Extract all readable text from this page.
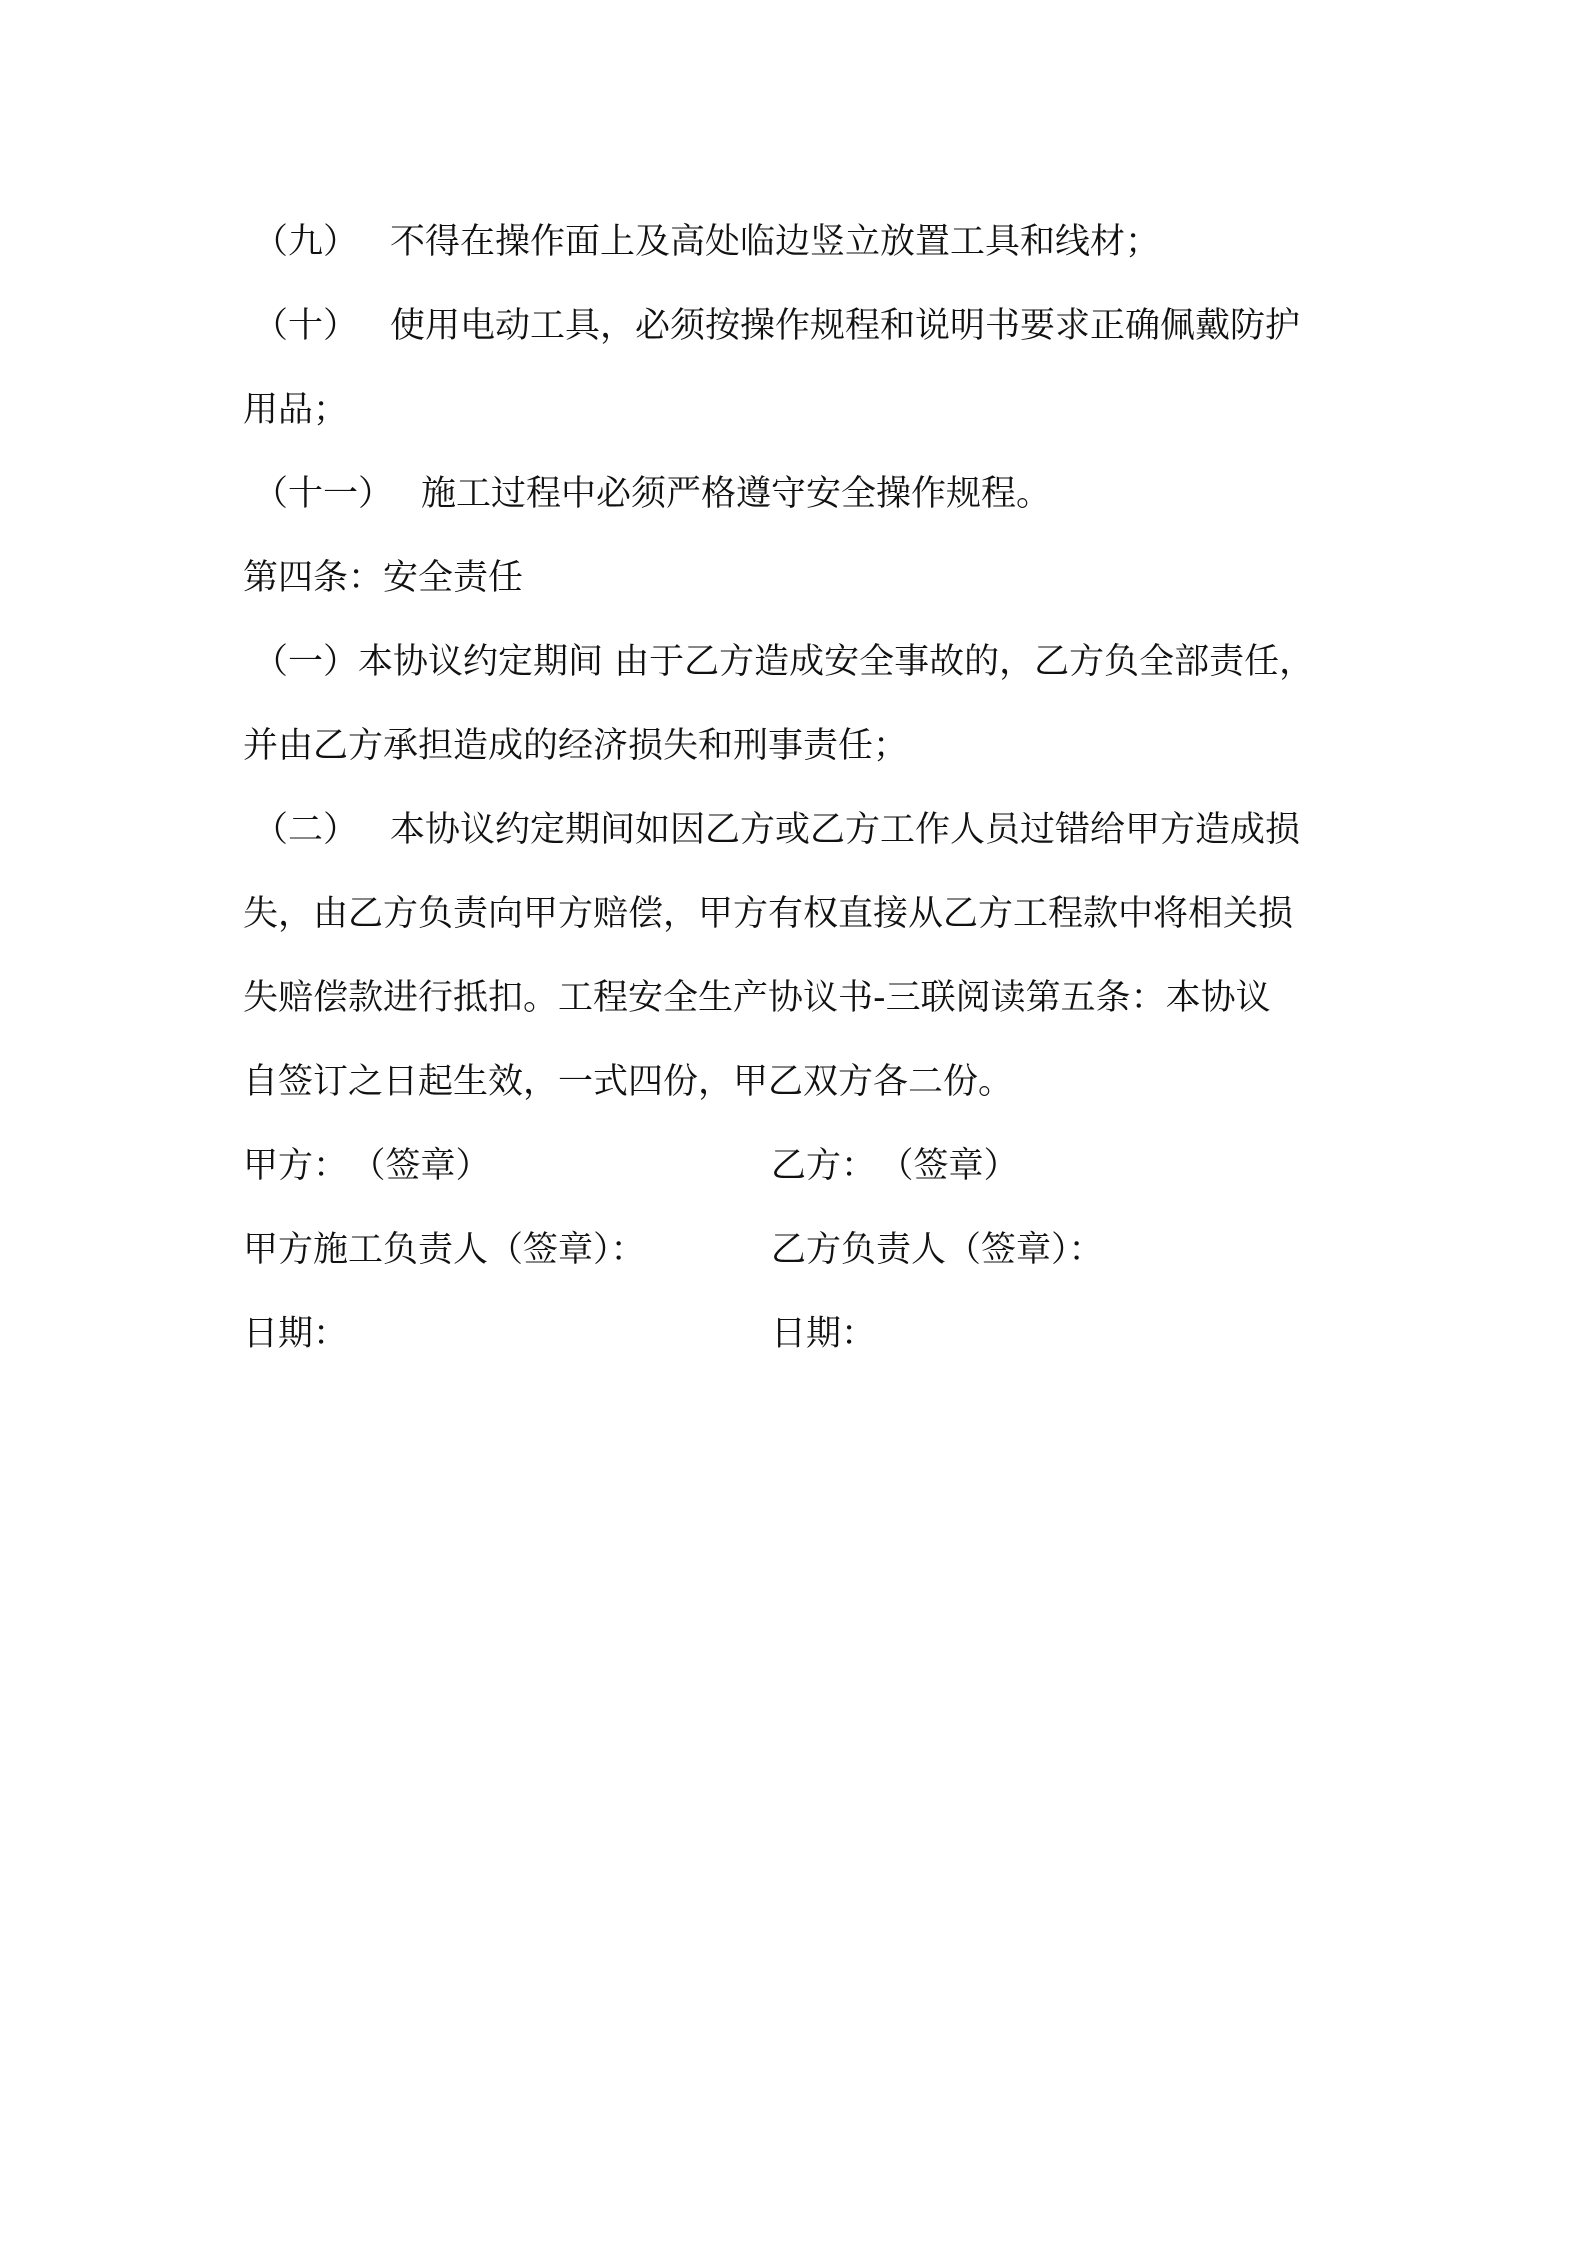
（九） 不得在操作面上及高处临边竖立放置工具和线材；
（十） 使用电动工具，必须按操作规程和说明书要求正确佩戴防护
用品；
（十一） 施工过程中必须严格遵守安全操作规程。
第四条：安全责任
（一）本协议约定期间 由于乙方造成安全事故的，乙方负全部责任，
并由乙方承担造成的经济损失和刑事责任；
（二） 本协议约定期间如因乙方或乙方工作人员过错给甲方造成损
失，由乙方负责向甲方赔偿，甲方有权直接从乙方工程款中将相关损
失赔偿款进行抵扣。工程安全生产协议书-三联阅读第五条：本协议
自签订之日起生效，一式四份，甲乙双方各二份。
甲方： （签章）	乙方： （签章）
甲方施工负责人（签章）：	乙方负责人（签章）：
日期：	日期：
